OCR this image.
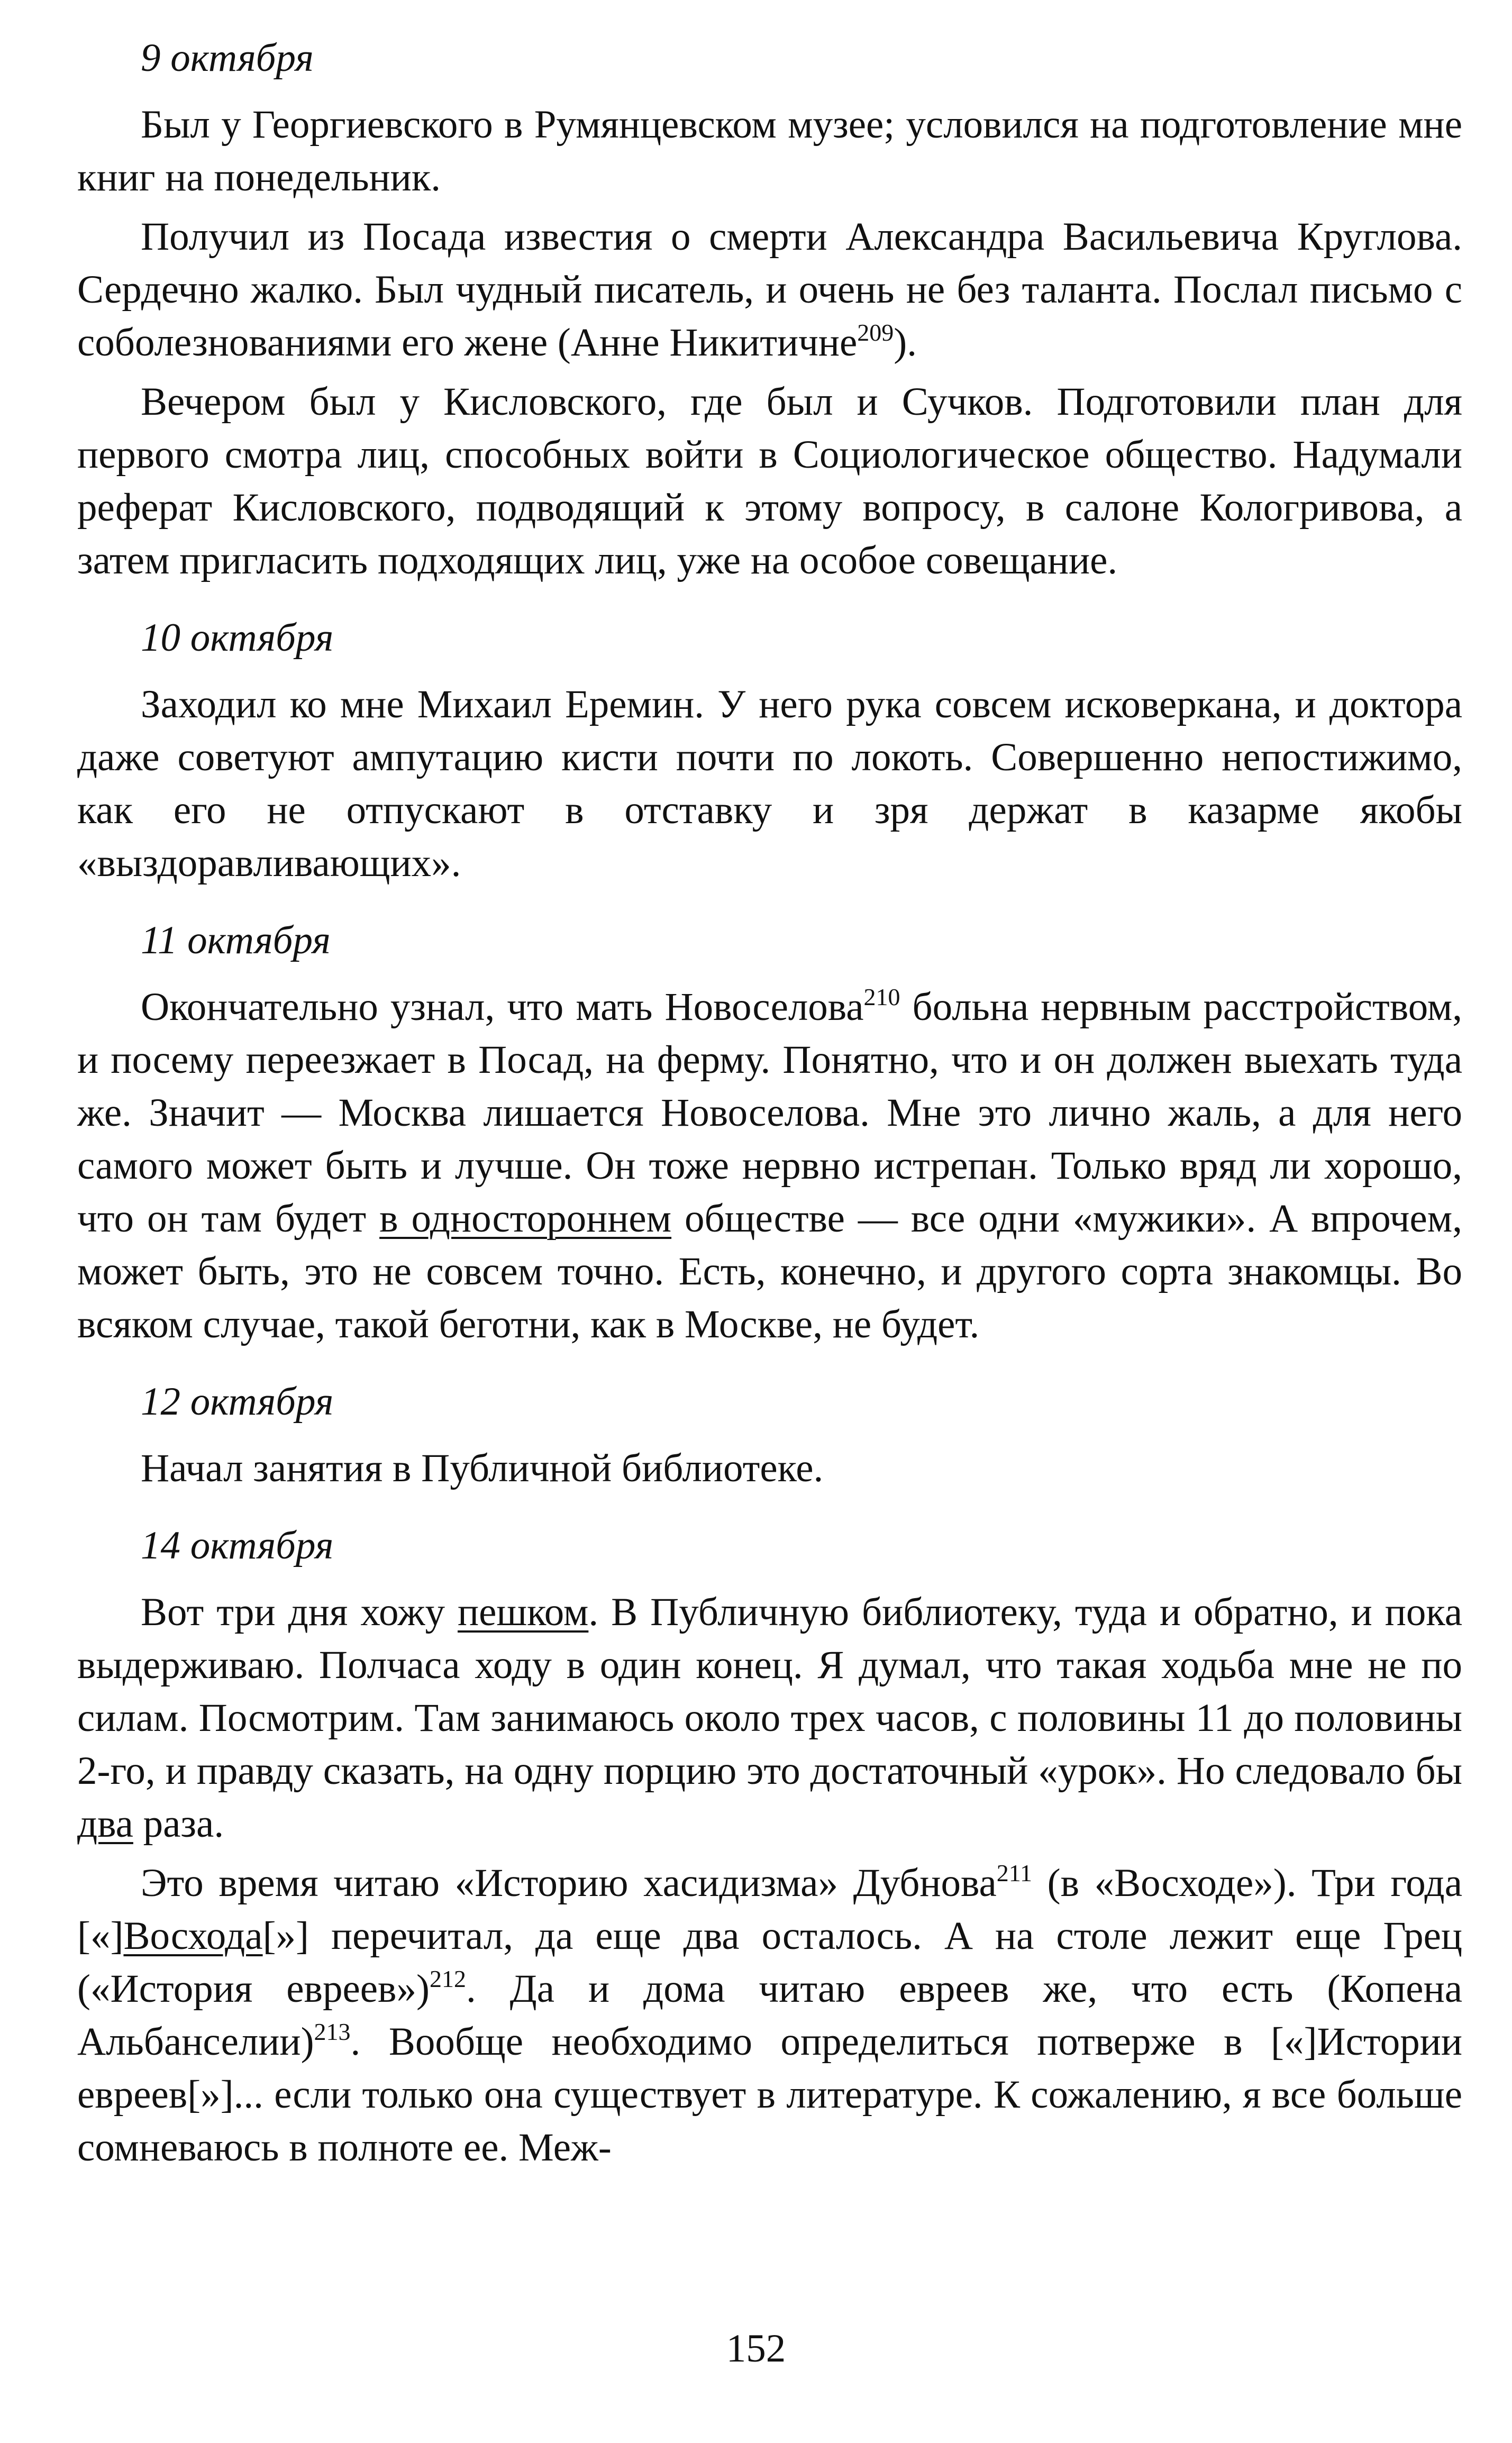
9 октября

Был у Георгиевского в Румянцевском музее; условился на подготовление мне книг на понедельник.

Получил из Посада известия о смерти Александра Васильевича Круглова. Сердечно жалко. Был чудный писатель, и очень не без таланта. Послал письмо с соболезнованиями его жене (Анне Никитичне$^{209}$).

Вечером был у Кисловского, где был и Сучков. Подготовили план для первого смотра лиц, способных войти в Социологическое общество. Надумали реферат Кисловского, подводящий к этому вопросу, в салоне Кологривова, а затем пригласить подходящих лиц, уже на особое совещание.

10 октября

Заходил ко мне Михаил Еремин. У него рука совсем исковеркана, и доктора даже советуют ампутацию кисти почти по локоть. Совершенно непостижимо, как его не отпускают в отставку и зря держат в казарме якобы «выздоравливающих».

11 октября

Окончательно узнал, что мать Новоселова$^{210}$ больна нервным расстройством, и посему переезжает в Посад, на ферму. Понятно, что и он должен выехать туда же. Значит — Москва лишается Новоселова. Мне это лично жаль, а для него самого может быть и лучше. Он тоже нервно истрепан. Только вряд ли хорошо, что он там будет в одностороннем обществе — все одни «мужики». А впрочем, может быть, это не совсем точно. Есть, конечно, и другого сорта знакомцы. Во всяком случае, такой беготни, как в Москве, не будет.

12 октября

Начал занятия в Публичной библиотеке.

14 октября

Вот три дня хожу пешком. В Публичную библиотеку, туда и обратно, и пока выдерживаю. Полчаса ходу в один конец. Я думал, что такая ходьба мне не по силам. Посмотрим. Там занимаюсь около трех часов, с половины 11 до половины 2-го, и правду сказать, на одну порцию это достаточный «урок». Но следовало бы два раза.

Это время читаю «Историю хасидизма» Дубнова$^{211}$ (в «Восходе»). Три года [«]Восхода[»] перечитал, да еще два осталось. А на столе лежит еще Грец («История евреев»)$^{212}$. Да и дома читаю евреев же, что есть (Копена Альбанселии)$^{213}$. Вообще необходимо определиться потверже в [«]Истории евреев[»]... если только она существует в литературе. К сожалению, я все больше сомневаюсь в полноте ее. Меж-

152
